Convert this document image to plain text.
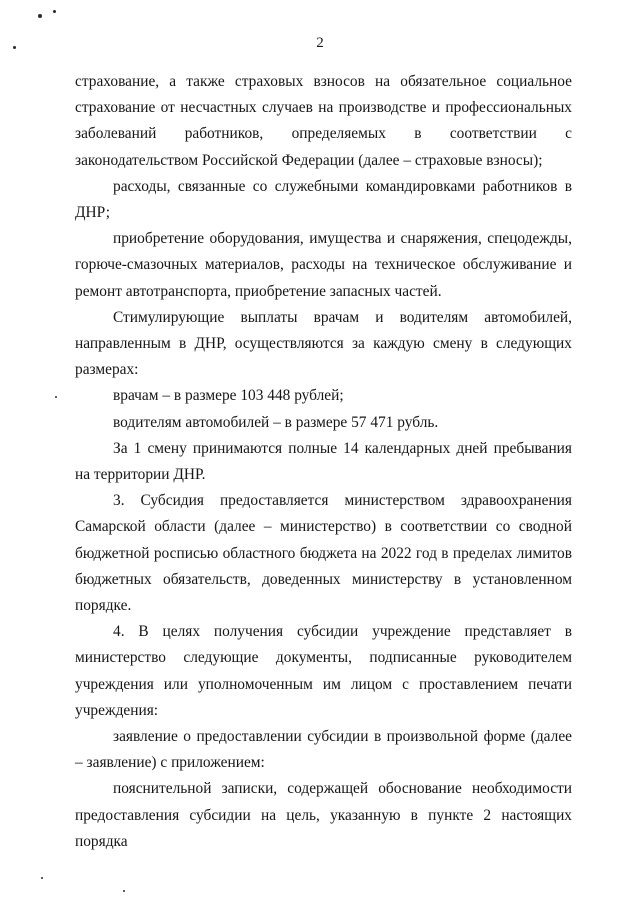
2

страхование, а также страховых взносов на обязательное социальное страхование от несчастных случаев на производстве и профессиональных заболеваний работников, определяемых в соответствии с законодательством Российской Федерации (далее – страховые взносы);

расходы, связанные со служебными командировками работников в ДНР;

приобретение оборудования, имущества и снаряжения, спецодежды, горюче-смазочных материалов, расходы на техническое обслуживание и ремонт автотранспорта, приобретение запасных частей.

Стимулирующие выплаты врачам и водителям автомобилей, направленным в ДНР, осуществляются за каждую смену в следующих размерах:

врачам – в размере 103 448 рублей;

водителям автомобилей – в размере 57 471 рубль.

За 1 смену принимаются полные 14 календарных дней пребывания на территории ДНР.

3. Субсидия предоставляется министерством здравоохранения Самарской области (далее – министерство) в соответствии со сводной бюджетной росписью областного бюджета на 2022 год в пределах лимитов бюджетных обязательств, доведенных министерству в установленном порядке.

4. В целях получения субсидии учреждение представляет в министерство следующие документы, подписанные руководителем учреждения или уполномоченным им лицом с проставлением печати учреждения:

заявление о предоставлении субсидии в произвольной форме (далее – заявление) с приложением:

пояснительной записки, содержащей обоснование необходимости предоставления субсидии на цель, указанную в пункте 2 настоящих порядка
